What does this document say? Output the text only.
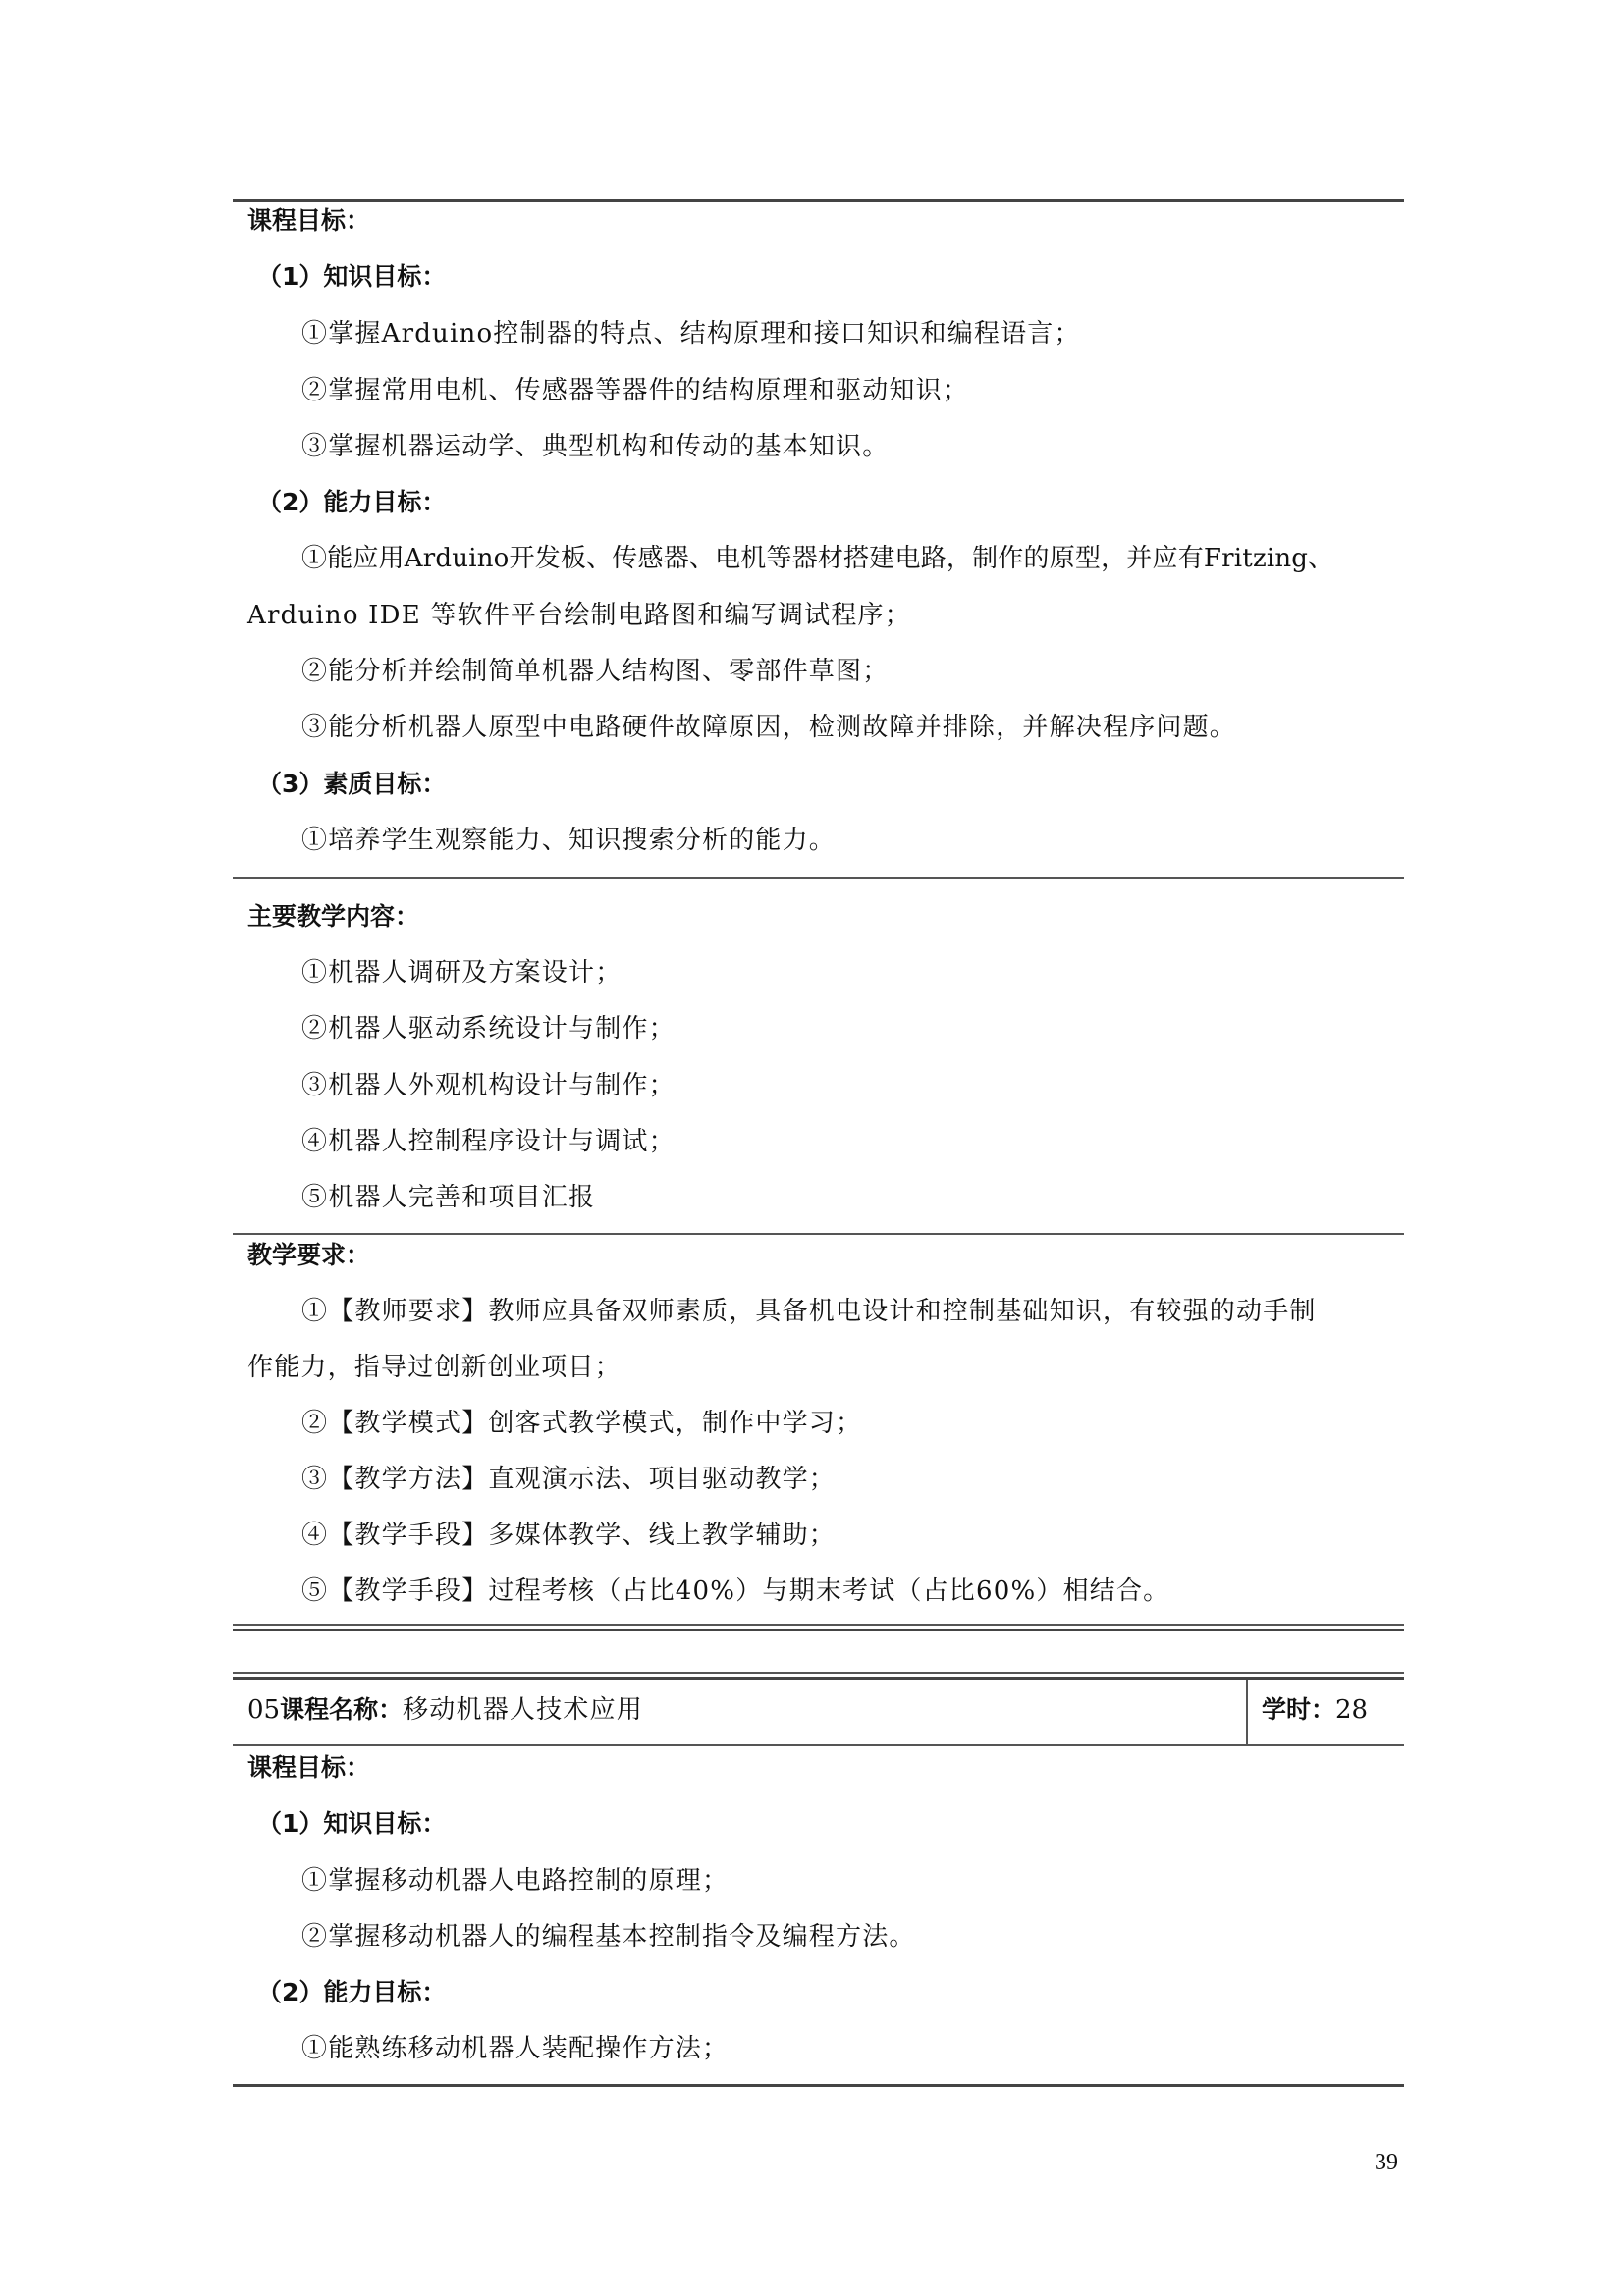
课程目标：
（1）知识目标：
①掌握Arduino控制器的特点、结构原理和接口知识和编程语言；
②掌握常用电机、传感器等器件的结构原理和驱动知识；
③掌握机器运动学、典型机构和传动的基本知识。
（2）能力目标：
①能应用Arduino开发板、传感器、电机等器材搭建电路，制作的原型，并应有Fritzing、
Arduino IDE 等软件平台绘制电路图和编写调试程序；
②能分析并绘制简单机器人结构图、零部件草图；
③能分析机器人原型中电路硬件故障原因，检测故障并排除，并解决程序问题。
（3）素质目标：
①培养学生观察能力、知识搜索分析的能力。
主要教学内容：
①机器人调研及方案设计；
②机器人驱动系统设计与制作；
③机器人外观机构设计与制作；
④机器人控制程序设计与调试；
⑤机器人完善和项目汇报
教学要求：
①【教师要求】教师应具备双师素质，具备机电设计和控制基础知识，有较强的动手制
作能力，指导过创新创业项目；
②【教学模式】创客式教学模式，制作中学习；
③【教学方法】直观演示法、项目驱动教学；
④【教学手段】多媒体教学、线上教学辅助；
⑤【教学手段】过程考核（占比40%）与期末考试（占比60%）相结合。
05课程名称：移动机器人技术应用	学时：28
课程目标：
（1）知识目标：
①掌握移动机器人电路控制的原理；
②掌握移动机器人的编程基本控制指令及编程方法。
（2）能力目标：
①能熟练移动机器人装配操作方法；
39
